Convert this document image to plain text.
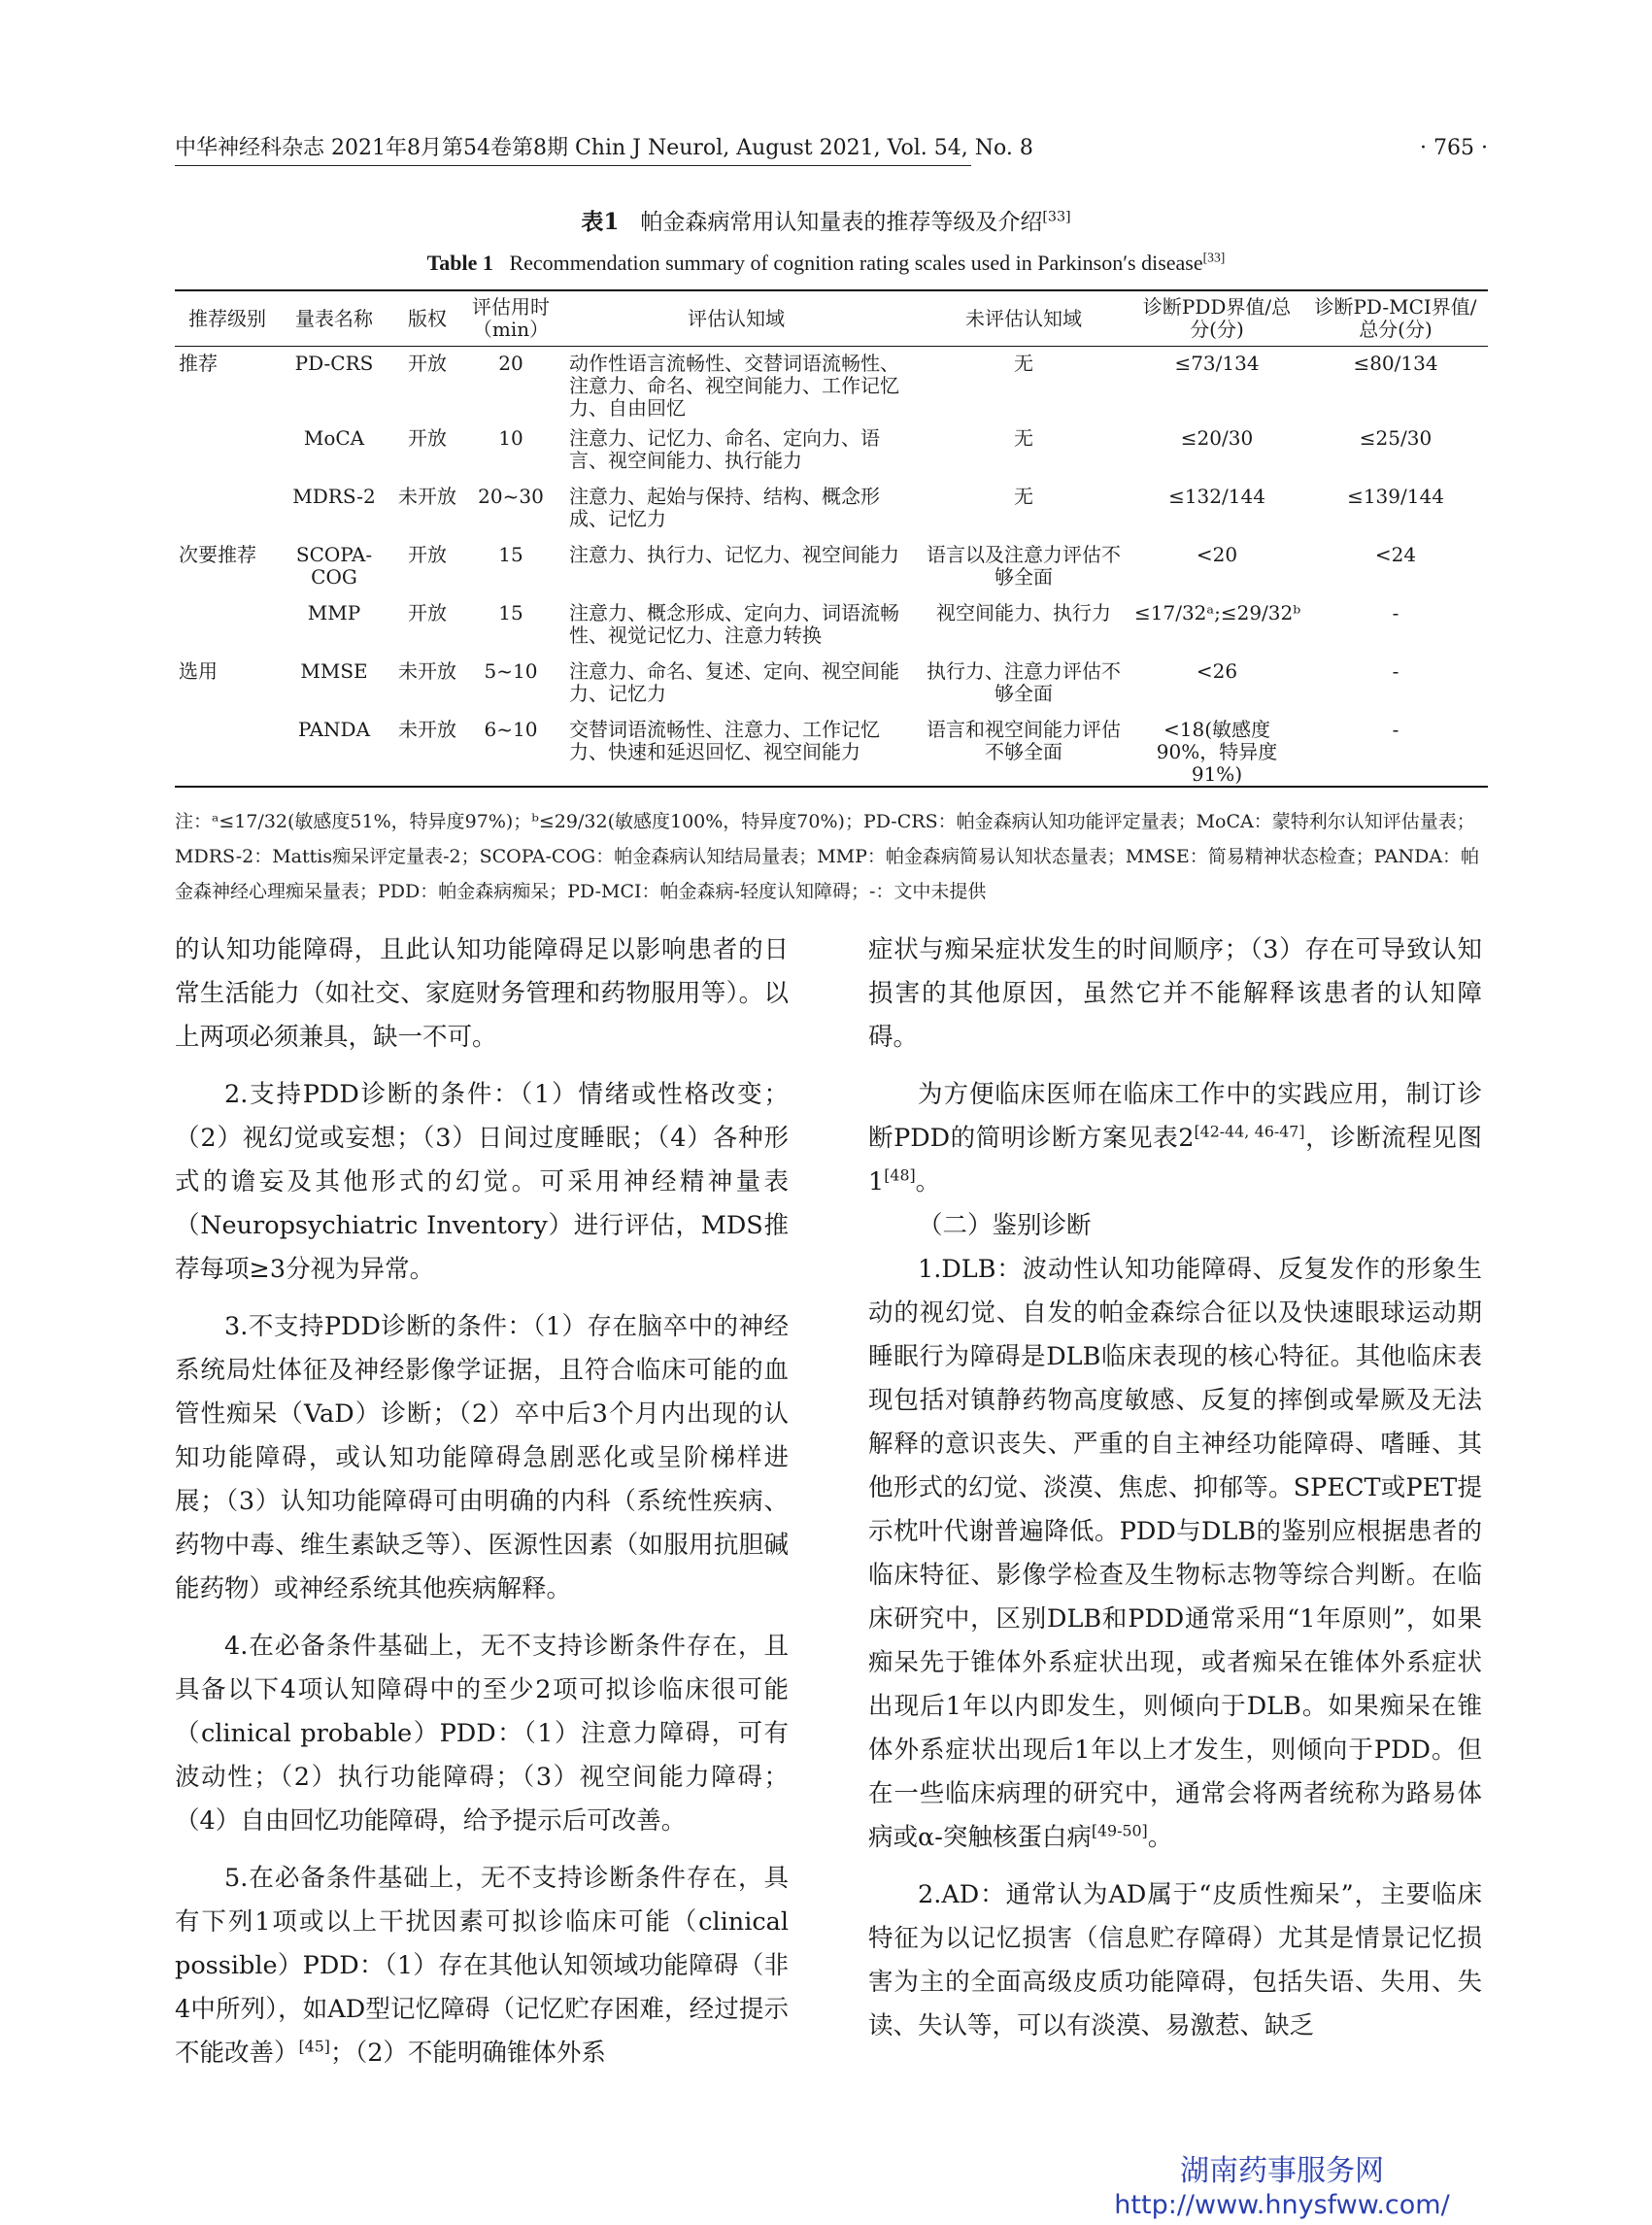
中华神经科杂志 2021年8月第54卷第8期 Chin J Neurol, August 2021, Vol. 54, No. 8	· 765 ·
表1 帕金森病常用认知量表的推荐等级及介绍[33]
Table 1 Recommendation summary of cognition rating scales used in Parkinson′s disease[33]
推荐级别	量表名称	版权	评估用时（min）	评估认知域	未评估认知域	诊断PDD界值/总分(分)	诊断PD-MCI界值/总分(分)
推荐	PD-CRS	开放	20	动作性语言流畅性、交替词语流畅性、注意力、命名、视空间能力、工作记忆力、自由回忆	无	≤73/134	≤80/134
	MoCA	开放	10	注意力、记忆力、命名、定向力、语言、视空间能力、执行能力	无	≤20/30	≤25/30
	MDRS-2	未开放	20~30	注意力、起始与保持、结构、概念形成、记忆力	无	≤132/144	≤139/144
次要推荐	SCOPA-COG	开放	15	注意力、执行力、记忆力、视空间能力	语言以及注意力评估不够全面	<20	<24
	MMP	开放	15	注意力、概念形成、定向力、词语流畅性、视觉记忆力、注意力转换	视空间能力、执行力	≤17/32ᵃ;≤29/32ᵇ	-
选用	MMSE	未开放	5~10	注意力、命名、复述、定向、视空间能力、记忆力	执行力、注意力评估不够全面	<26	-
	PANDA	未开放	6~10	交替词语流畅性、注意力、工作记忆力、快速和延迟回忆、视空间能力	语言和视空间能力评估不够全面	<18(敏感度90%，特异度91%)	-
注：ᵃ≤17/32(敏感度51%，特异度97%)；ᵇ≤29/32(敏感度100%，特异度70%)；PD-CRS：帕金森病认知功能评定量表；MoCA：蒙特利尔认知评估量表；MDRS-2：Mattis痴呆评定量表-2；SCOPA-COG：帕金森病认知结局量表；MMP：帕金森病简易认知状态量表；MMSE：简易精神状态检查；PANDA：帕金森神经心理痴呆量表；PDD：帕金森病痴呆；PD-MCI：帕金森病-轻度认知障碍；-：文中未提供

的认知功能障碍，且此认知功能障碍足以影响患者的日常生活能力（如社交、家庭财务管理和药物服用等）。以上两项必须兼具，缺一不可。

2.支持PDD诊断的条件：（1）情绪或性格改变；（2）视幻觉或妄想；（3）日间过度睡眠；（4）各种形式的谵妄及其他形式的幻觉。可采用神经精神量表（Neuropsychiatric Inventory）进行评估，MDS推荐每项≥3分视为异常。

3.不支持PDD诊断的条件：（1）存在脑卒中的神经系统局灶体征及神经影像学证据，且符合临床可能的血管性痴呆（VaD）诊断；（2）卒中后3个月内出现的认知功能障碍，或认知功能障碍急剧恶化或呈阶梯样进展；（3）认知功能障碍可由明确的内科（系统性疾病、药物中毒、维生素缺乏等）、医源性因素（如服用抗胆碱能药物）或神经系统其他疾病解释。

4.在必备条件基础上，无不支持诊断条件存在，且具备以下4项认知障碍中的至少2项可拟诊临床很可能（clinical probable）PDD：（1）注意力障碍，可有波动性；（2）执行功能障碍；（3）视空间能力障碍；（4）自由回忆功能障碍，给予提示后可改善。

5.在必备条件基础上，无不支持诊断条件存在，具有下列1项或以上干扰因素可拟诊临床可能（clinical possible）PDD：（1）存在其他认知领域功能障碍（非4中所列），如AD型记忆障碍（记忆贮存困难，经过提示不能改善）[45]；（2）不能明确锥体外系

症状与痴呆症状发生的时间顺序；（3）存在可导致认知损害的其他原因，虽然它并不能解释该患者的认知障碍。

为方便临床医师在临床工作中的实践应用，制订诊断PDD的简明诊断方案见表2[42-44, 46-47]，诊断流程见图1[48]。

（二）鉴别诊断

1.DLB：波动性认知功能障碍、反复发作的形象生动的视幻觉、自发的帕金森综合征以及快速眼球运动期睡眠行为障碍是DLB临床表现的核心特征。其他临床表现包括对镇静药物高度敏感、反复的摔倒或晕厥及无法解释的意识丧失、严重的自主神经功能障碍、嗜睡、其他形式的幻觉、淡漠、焦虑、抑郁等。SPECT或PET提示枕叶代谢普遍降低。PDD与DLB的鉴别应根据患者的临床特征、影像学检查及生物标志物等综合判断。在临床研究中，区别DLB和PDD通常采用“1年原则”，如果痴呆先于锥体外系症状出现，或者痴呆在锥体外系症状出现后1年以内即发生，则倾向于DLB。如果痴呆在锥体外系症状出现后1年以上才发生，则倾向于PDD。但在一些临床病理的研究中，通常会将两者统称为路易体病或α-突触核蛋白病[49-50]。

2.AD：通常认为AD属于“皮质性痴呆”，主要临床特征为以记忆损害（信息贮存障碍）尤其是情景记忆损害为主的全面高级皮质功能障碍，包括失语、失用、失读、失认等，可以有淡漠、易激惹、缺乏

湖南药事服务网
http://www.hnysfww.com/
